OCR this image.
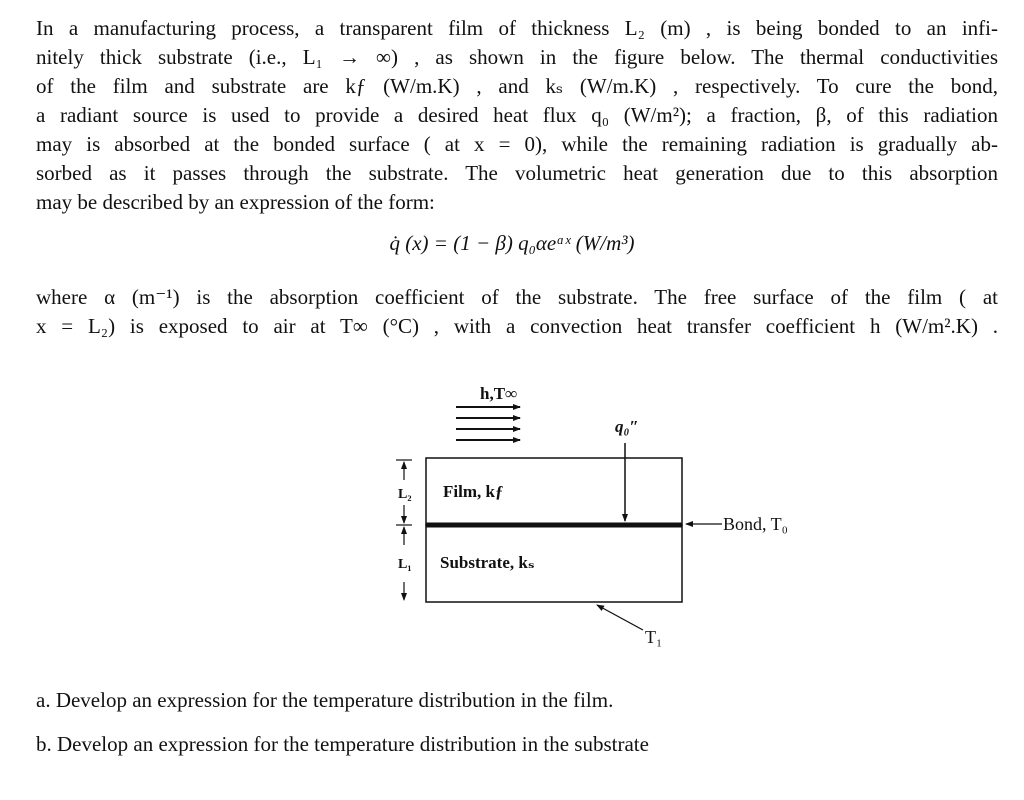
In a manufacturing process, a transparent film of thickness L₂ (m) , is being bonded to an infi-
nitely thick substrate (i.e., L₁ → ∞) , as shown in the figure below. The thermal conductivities
of the film and substrate are kƒ (W/m.K) , and kₛ (W/m.K) , respectively. To cure the bond,
a radiant source is used to provide a desired heat flux q₀ (W/m²); a fraction, β, of this radiation
may is absorbed at the bonded surface ( at x = 0), while the remaining radiation is gradually ab-
sorbed as it passes through the substrate. The volumetric heat generation due to this absorption
may be described by an expression of the form:
q̇ (x) = (1 − β) q₀αeᵅˣ (W/m³)
where α (m⁻¹) is the absorption coefficient of the substrate. The free surface of the film ( at
x = L₂) is exposed to air at T∞ (°C) , with a convection heat transfer coefficient h (W/m².K) .
h,T∞
q₀″
Film, kƒ
Substrate, kₛ
Bond, T₀
T₁
L₂
L₁
a. Develop an expression for the temperature distribution in the film.
b. Develop an expression for the temperature distribution in the substrate
